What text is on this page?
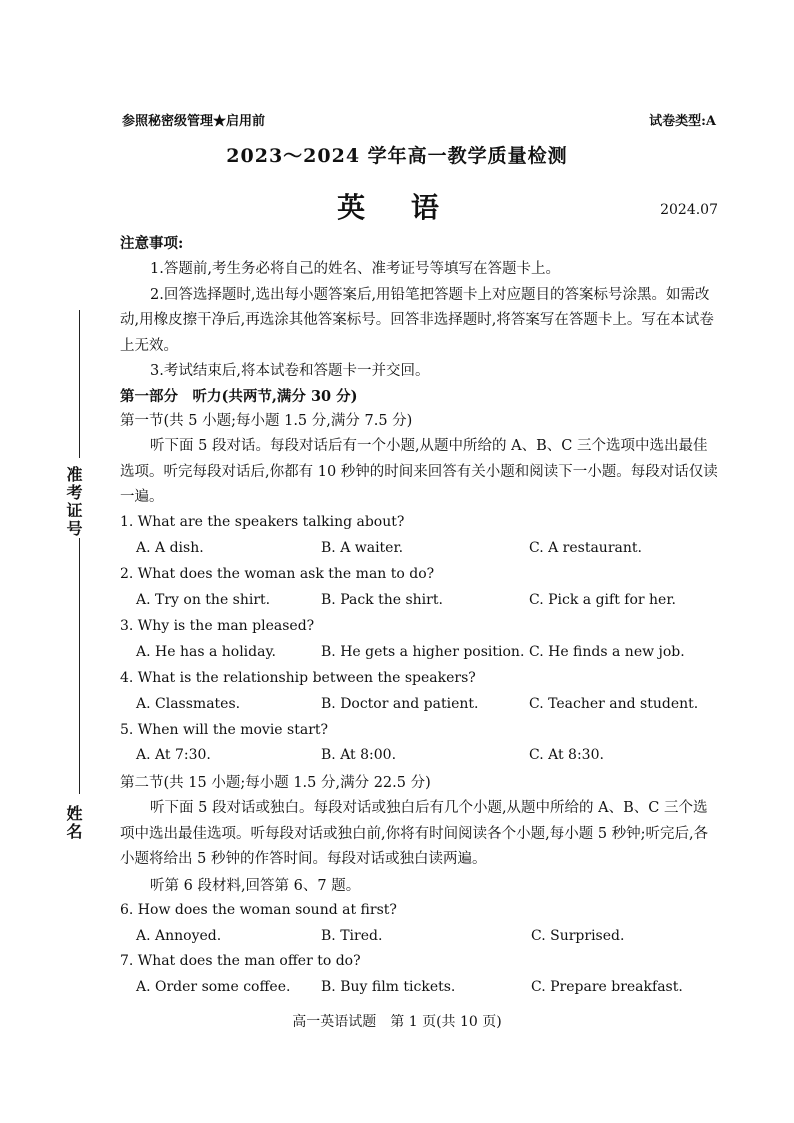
参照秘密级管理★启用前	试卷类型:A
2023～2024 学年高一教学质量检测
英 语	2024.07
准考证号
姓名
注意事项:

1.答题前,考生务必将自己的姓名、准考证号等填写在答题卡上。

2.回答选择题时,选出每小题答案后,用铅笔把答题卡上对应题目的答案标号涂黑。如需改动,用橡皮擦干净后,再选涂其他答案标号。回答非选择题时,将答案写在答题卡上。写在本试卷上无效。

3.考试结束后,将本试卷和答题卡一并交回。

第一部分　听力(共两节,满分 30 分)
第一节(共 5 小题;每小题 1.5 分,满分 7.5 分)

听下面 5 段对话。每段对话后有一个小题,从题中所给的 A、B、C 三个选项中选出最佳选项。听完每段对话后,你都有 10 秒钟的时间来回答有关小题和阅读下一小题。每段对话仅读一遍。

1. What are the speakers talking about?
A. A dish.	B. A waiter.	C. A restaurant.
2. What does the woman ask the man to do?
A. Try on the shirt.	B. Pack the shirt.	C. Pick a gift for her.
3. Why is the man pleased?
A. He has a holiday.	B. He gets a higher position. C. He finds a new job.
4. What is the relationship between the speakers?
A. Classmates.	B. Doctor and patient.	C. Teacher and student.
5. When will the movie start?
A. At 7:30.	B. At 8:00.	C. At 8:30.
第二节(共 15 小题;每小题 1.5 分,满分 22.5 分)

听下面 5 段对话或独白。每段对话或独白后有几个小题,从题中所给的 A、B、C 三个选项中选出最佳选项。听每段对话或独白前,你将有时间阅读各个小题,每小题 5 秒钟;听完后,各小题将给出 5 秒钟的作答时间。每段对话或独白读两遍。

听第 6 段材料,回答第 6、7 题。

6. How does the woman sound at first?
A. Annoyed.	B. Tired.	C. Surprised.
7. What does the man offer to do?
A. Order some coffee. B. Buy film tickets.	C. Prepare breakfast.
高一英语试题　第 1 页(共 10 页)
